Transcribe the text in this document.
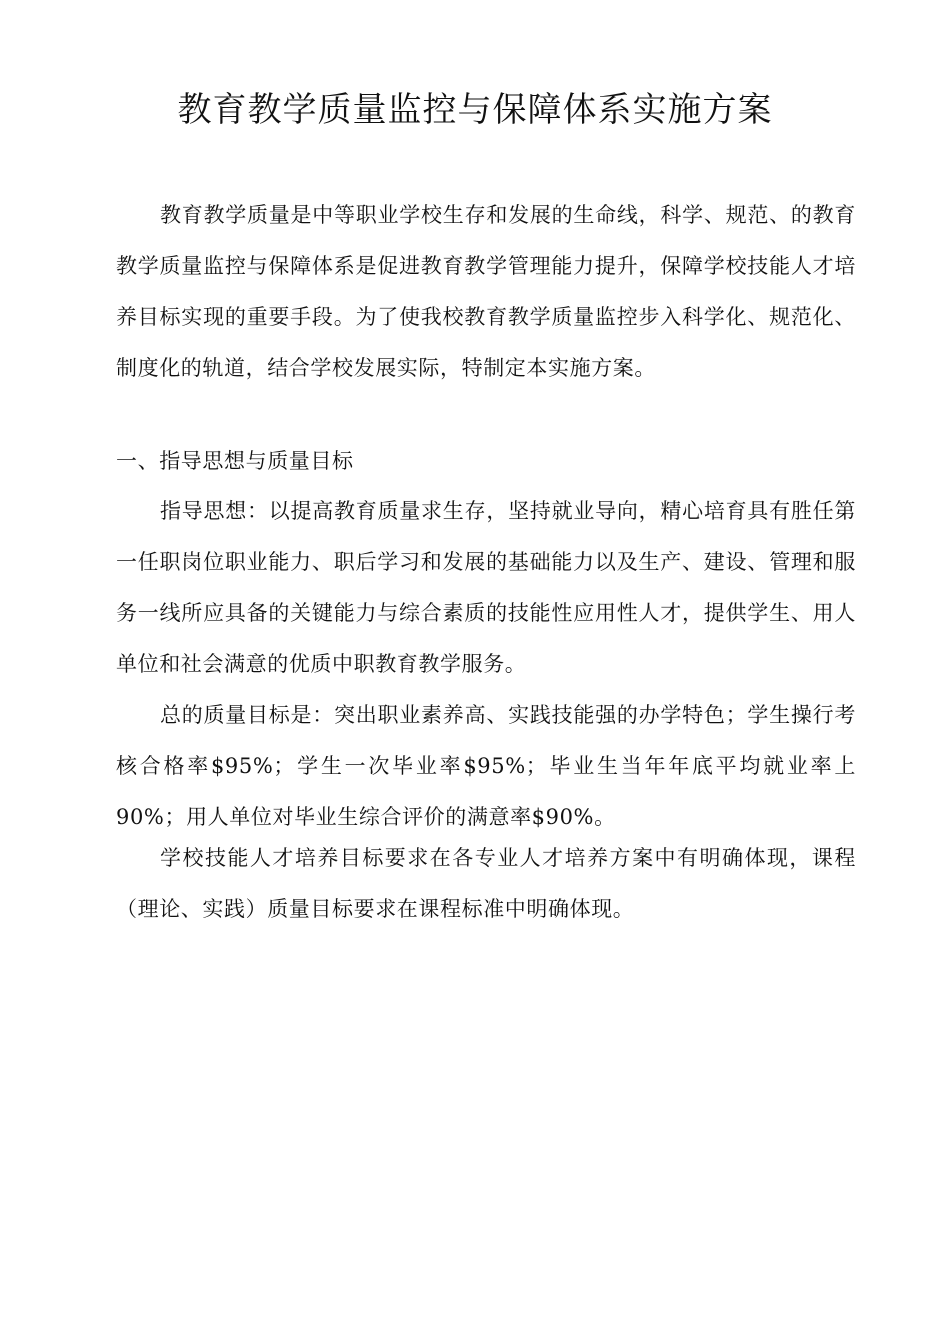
教育教学质量监控与保障体系实施方案

教育教学质量是中等职业学校生存和发展的生命线，科学、规范、的教育教学质量监控与保障体系是促进教育教学管理能力提升，保障学校技能人才培养目标实现的重要手段。为了使我校教育教学质量监控步入科学化、规范化、制度化的轨道，结合学校发展实际，特制定本实施方案。

一、指导思想与质量目标

指导思想：以提高教育质量求生存，坚持就业导向，精心培育具有胜任第一任职岗位职业能力、职后学习和发展的基础能力以及生产、建设、管理和服务一线所应具备的关键能力与综合素质的技能性应用性人才，提供学生、用人单位和社会满意的优质中职教育教学服务。

总的质量目标是：突出职业素养高、实践技能强的办学特色；学生操行考核合格率$95%；学生一次毕业率$95%；毕业生当年年底平均就业率上90%；用人单位对毕业生综合评价的满意率$90%。

学校技能人才培养目标要求在各专业人才培养方案中有明确体现，课程（理论、实践）质量目标要求在课程标准中明确体现。
